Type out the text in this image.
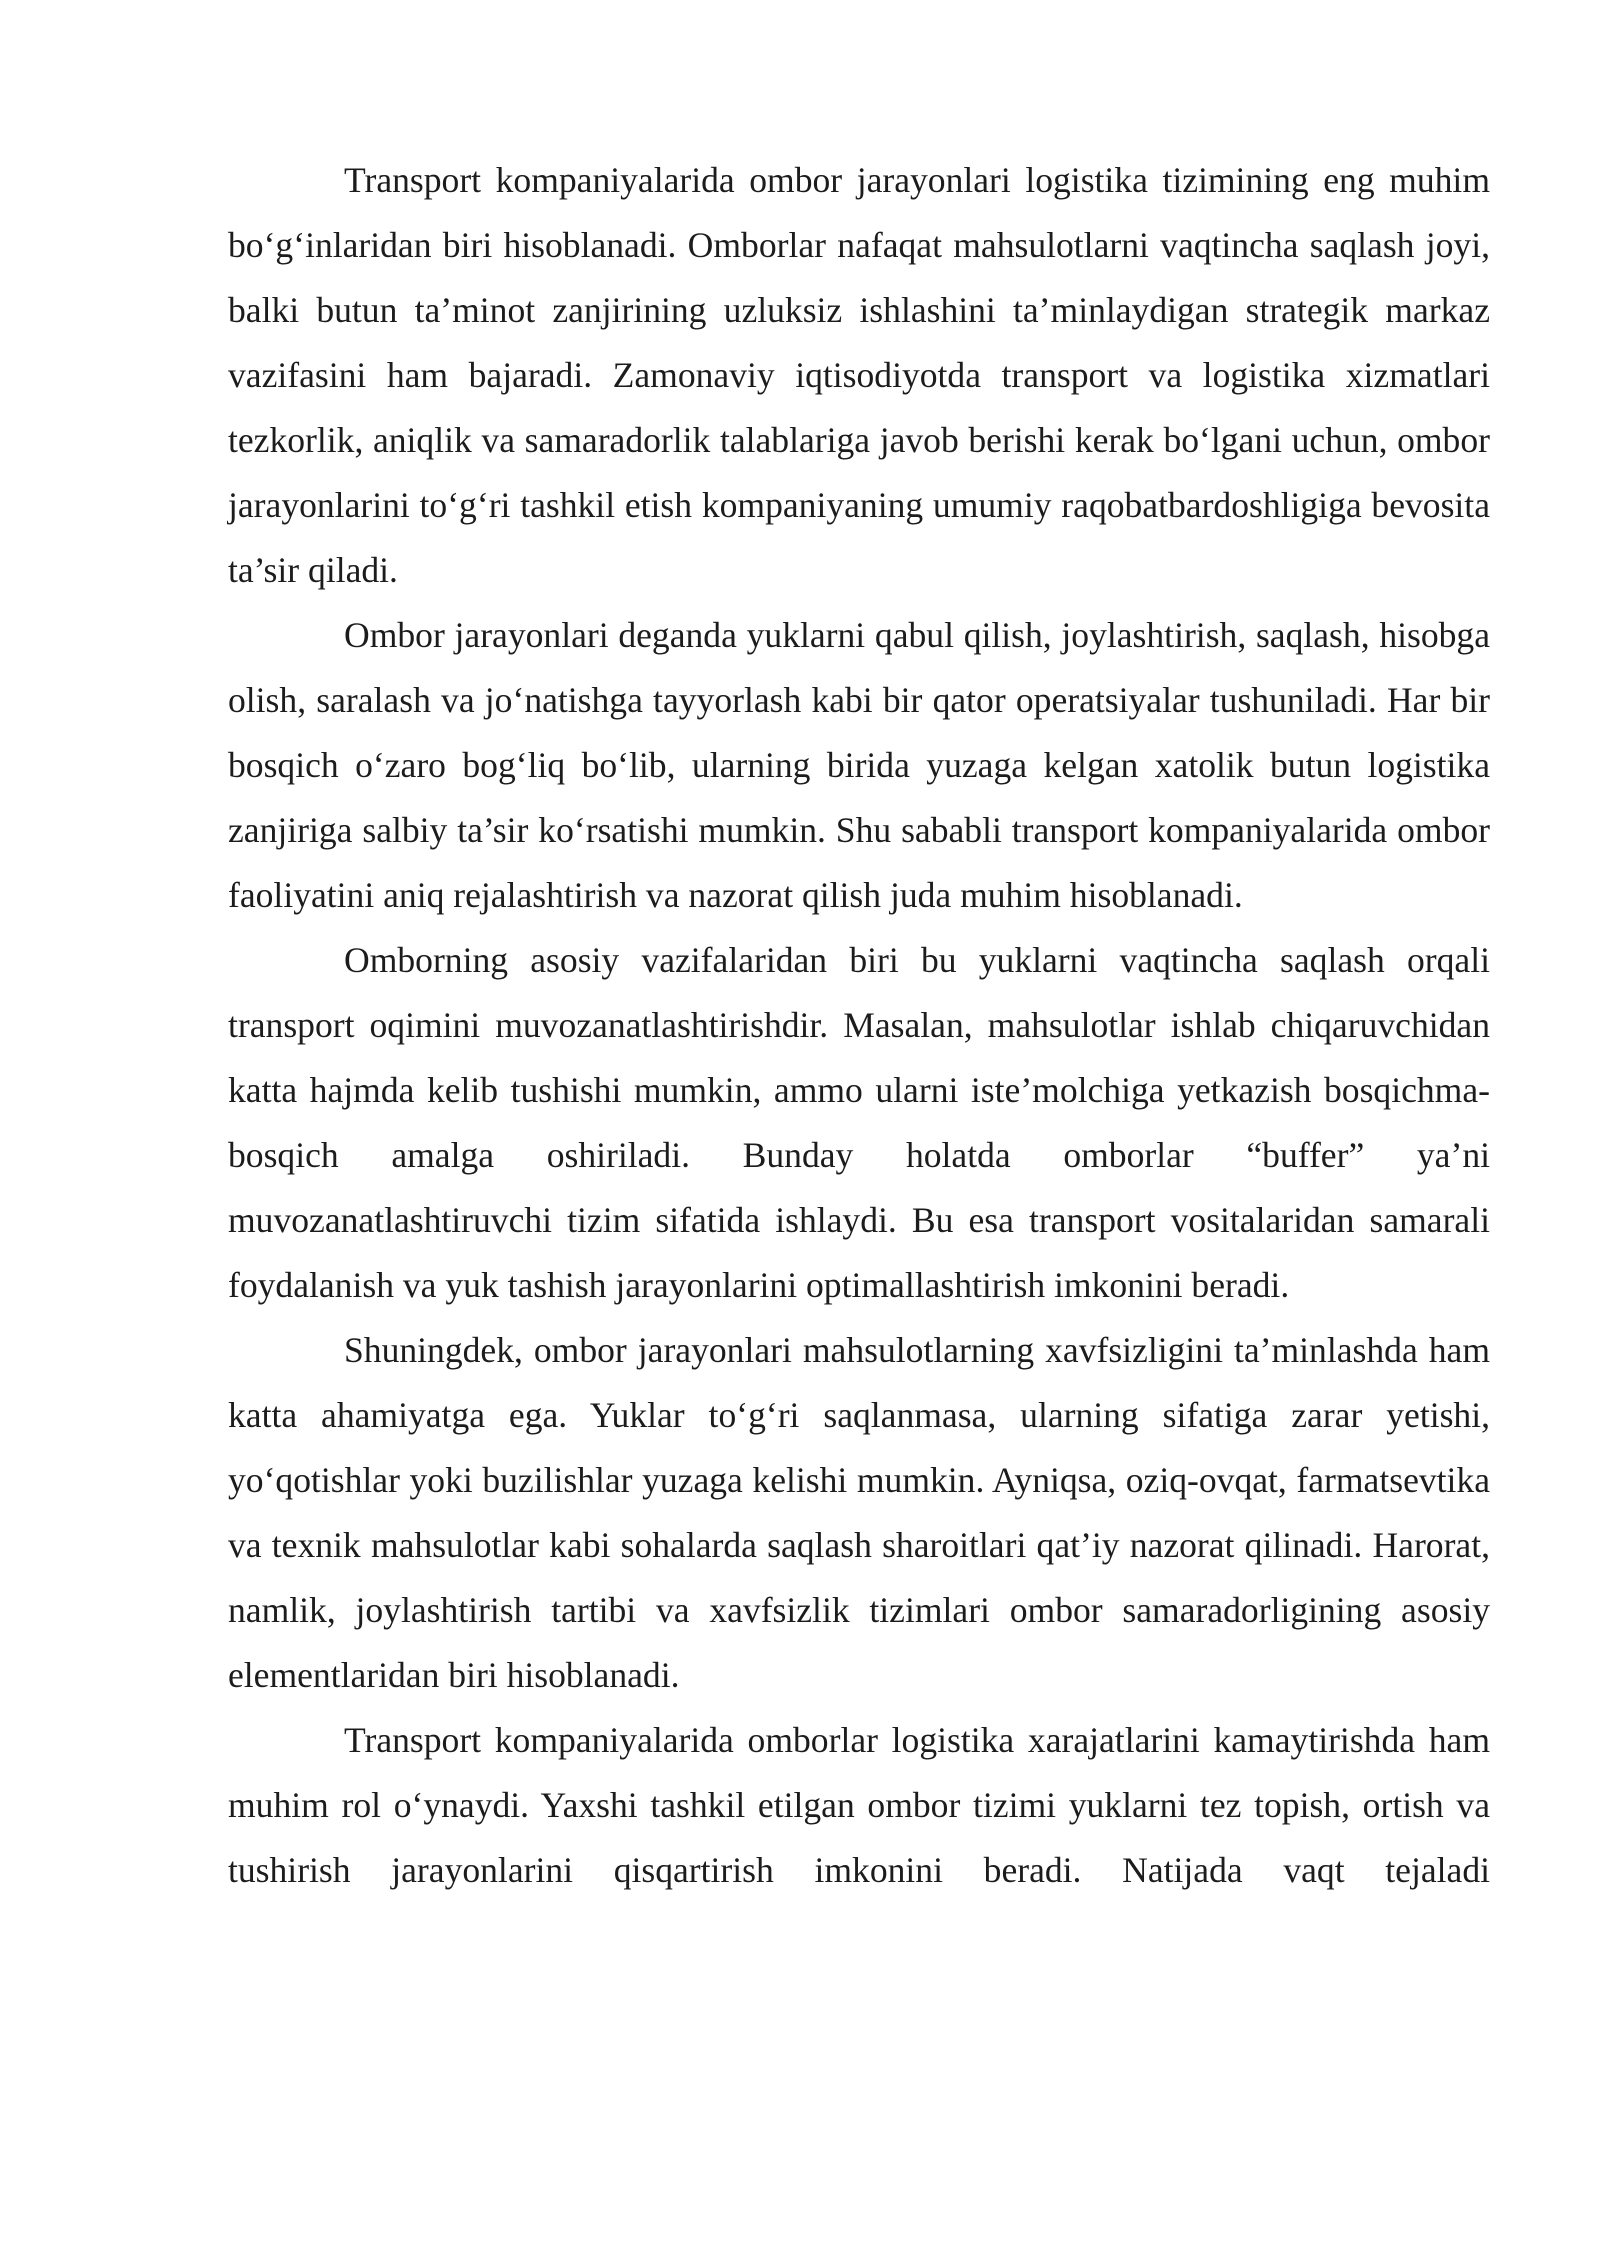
Transport kompaniyalarida ombor jarayonlari logistika tizimining eng muhim bo‘g‘inlaridan biri hisoblanadi. Omborlar nafaqat mahsulotlarni vaqtincha saqlash joyi, balki butun ta’minot zanjirining uzluksiz ishlashini ta’minlaydigan strategik markaz vazifasini ham bajaradi. Zamonaviy iqtisodiyotda transport va logistika xizmatlari tezkorlik, aniqlik va samaradorlik talablariga javob berishi kerak bo‘lgani uchun, ombor jarayonlarini to‘g‘ri tashkil etish kompaniyaning umumiy raqobatbardoshligiga bevosita ta’sir qiladi.

Ombor jarayonlari deganda yuklarni qabul qilish, joylashtirish, saqlash, hisobga olish, saralash va jo‘natishga tayyorlash kabi bir qator operatsiyalar tushuniladi. Har bir bosqich o‘zaro bog‘liq bo‘lib, ularning birida yuzaga kelgan xatolik butun logistika zanjiriga salbiy ta’sir ko‘rsatishi mumkin. Shu sababli transport kompaniyalarida ombor faoliyatini aniq rejalashtirish va nazorat qilish juda muhim hisoblanadi.

Omborning asosiy vazifalaridan biri bu yuklarni vaqtincha saqlash orqali transport oqimini muvozanatlashtirishdir. Masalan, mahsulotlar ishlab chiqaruvchidan katta hajmda kelib tushishi mumkin, ammo ularni iste’molchiga yetkazish bosqichma-bosqich amalga oshiriladi. Bunday holatda omborlar “buffer” ya’ni muvozanatlashtiruvchi tizim sifatida ishlaydi. Bu esa transport vositalaridan samarali foydalanish va yuk tashish jarayonlarini optimallashtirish imkonini beradi.

Shuningdek, ombor jarayonlari mahsulotlarning xavfsizligini ta’minlashda ham katta ahamiyatga ega. Yuklar to‘g‘ri saqlanmasa, ularning sifatiga zarar yetishi, yo‘qotishlar yoki buzilishlar yuzaga kelishi mumkin. Ayniqsa, oziq-ovqat, farmatsevtika va texnik mahsulotlar kabi sohalarda saqlash sharoitlari qat’iy nazorat qilinadi. Harorat, namlik, joylashtirish tartibi va xavfsizlik tizimlari ombor samaradorligining asosiy elementlaridan biri hisoblanadi.

Transport kompaniyalarida omborlar logistika xarajatlarini kamaytirishda ham muhim rol o‘ynaydi. Yaxshi tashkil etilgan ombor tizimi yuklarni tez topish, ortish va tushirish jarayonlarini qisqartirish imkonini beradi. Natijada vaqt tejaladi
